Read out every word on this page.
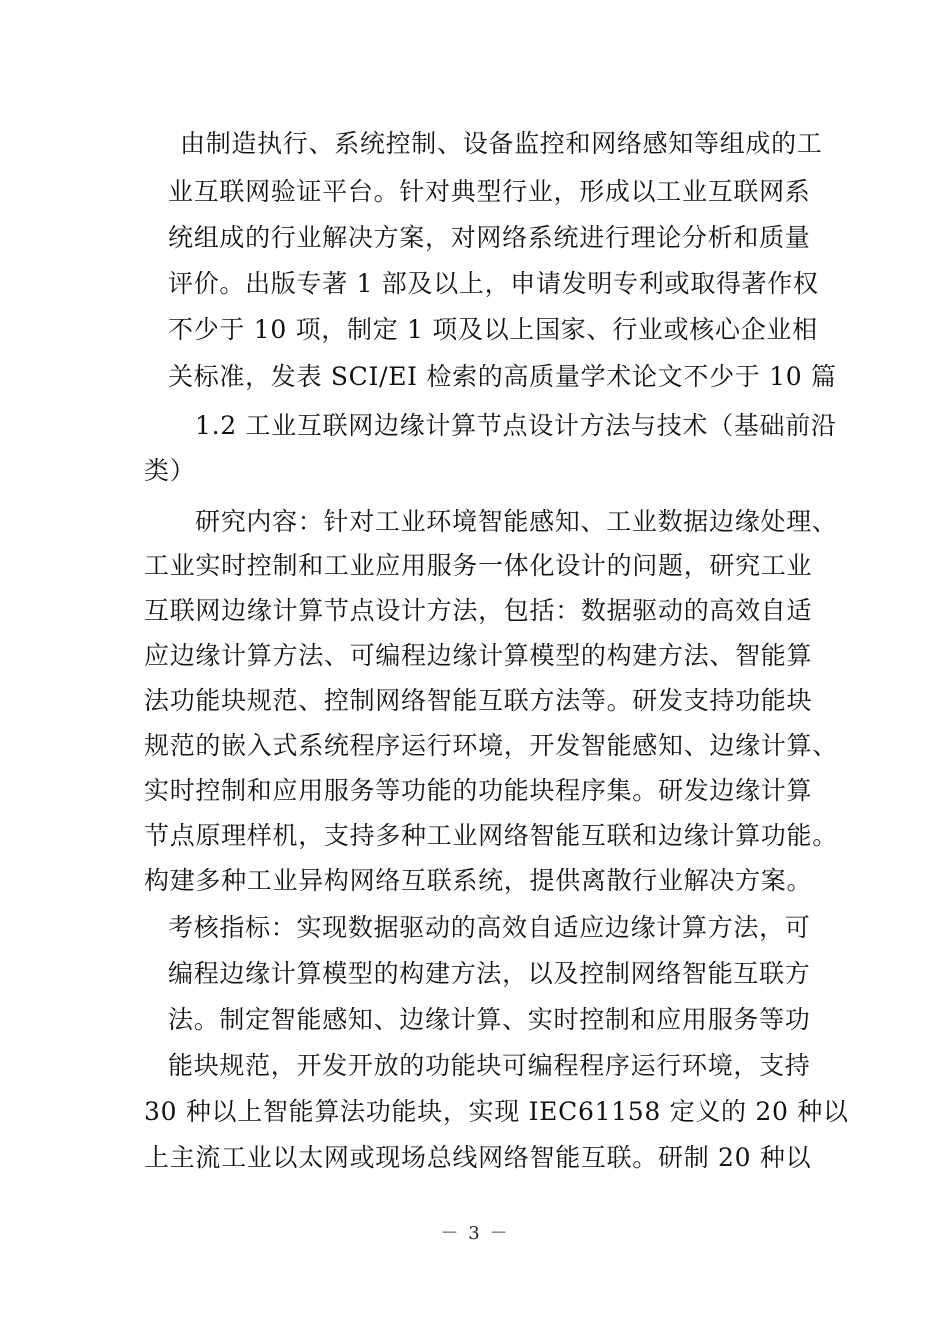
由制造执行、系统控制、设备监控和网络感知等组成的工
业互联网验证平台。针对典型行业，形成以工业互联网系
统组成的行业解决方案，对网络系统进行理论分析和质量
评价。出版专著 1 部及以上，申请发明专利或取得著作权
不少于 10 项，制定 1 项及以上国家、行业或核心企业相
关标准，发表 SCI/EI 检索的高质量学术论文不少于 10 篇
1.2 工业互联网边缘计算节点设计方法与技术（基础前沿
类）
研究内容：针对工业环境智能感知、工业数据边缘处理、
工业实时控制和工业应用服务一体化设计的问题，研究工业
互联网边缘计算节点设计方法，包括：数据驱动的高效自适
应边缘计算方法、可编程边缘计算模型的构建方法、智能算
法功能块规范、控制网络智能互联方法等。研发支持功能块
规范的嵌入式系统程序运行环境，开发智能感知、边缘计算、
实时控制和应用服务等功能的功能块程序集。研发边缘计算
节点原理样机，支持多种工业网络智能互联和边缘计算功能。
构建多种工业异构网络互联系统，提供离散行业解决方案。
考核指标：实现数据驱动的高效自适应边缘计算方法，可
编程边缘计算模型的构建方法，以及控制网络智能互联方
法。制定智能感知、边缘计算、实时控制和应用服务等功
能块规范，开发开放的功能块可编程程序运行环境，支持
30 种以上智能算法功能块，实现 IEC61158 定义的 20 种以
上主流工业以太网或现场总线网络智能互联。研制 20 种以
－ 3 －
